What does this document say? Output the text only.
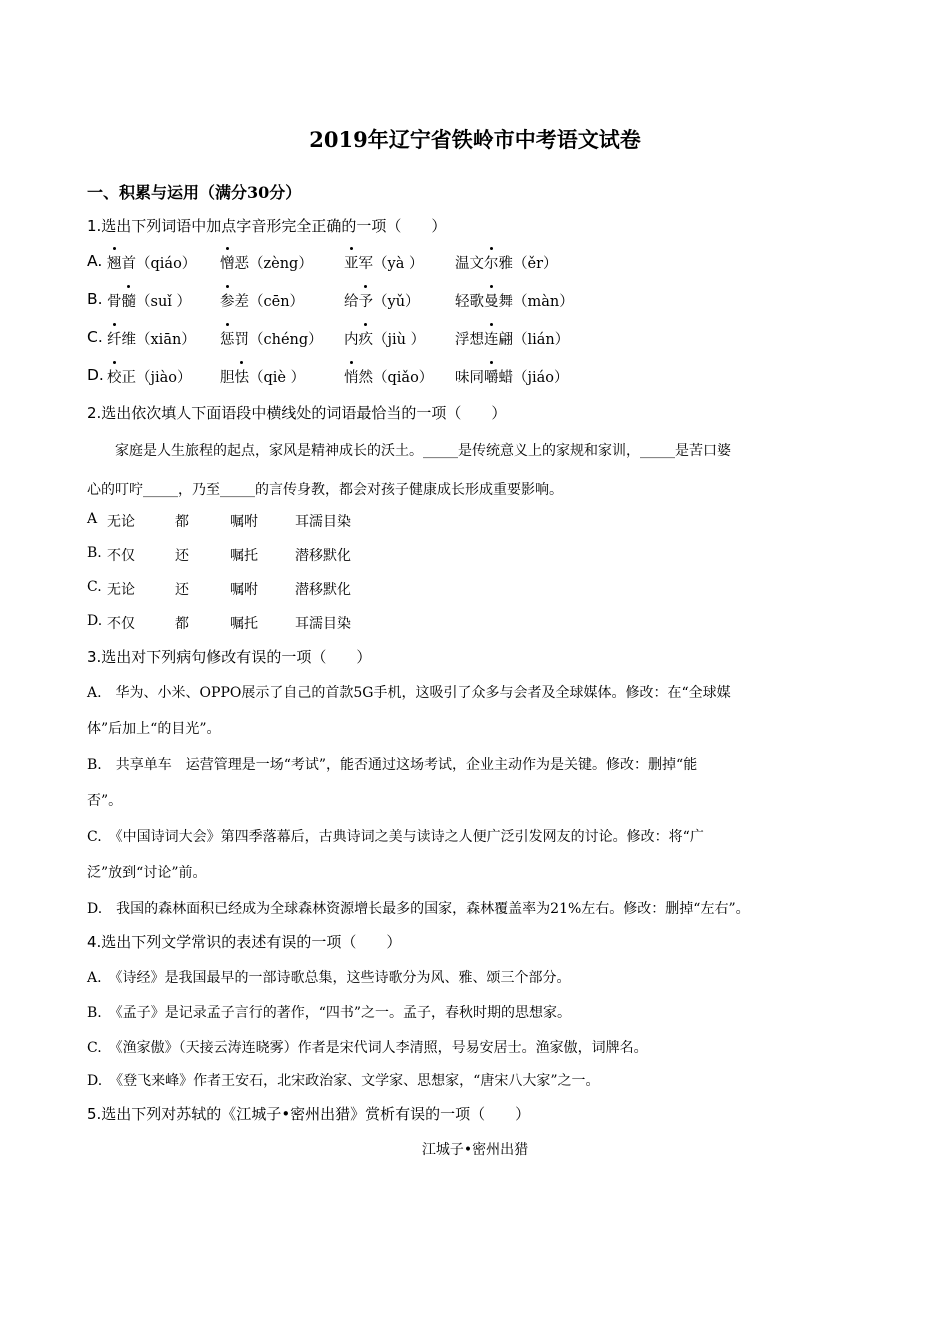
2019年辽宁省铁岭市中考语文试卷
一、积累与运用（满分30分）
1.选出下列词语中加点字音形完全正确的一项（　　）
A. 翘首（qiáo） 憎恶（zèng） 亚军（yà ） 温文尔雅（ěr）
B. 骨髓（suǐ ） 参差（cēn）	给予（yǔ） 轻歌曼舞（màn）
C. 纤维（xiān） 惩罚（chéng） 内疚（jiù ） 浮想连翩（lián）
D. 校正（jiào） 胆怯（qiè ）	悄然（qiǎo） 味同嚼蜡（jiáo）
2.选出依次填人下面语段中横线处的词语最恰当的一项（　　）
　　家庭是人生旅程的起点，家风是精神成长的沃土。_____是传统意义上的家规和家训，_____是苦口婆
心的叮咛_____，乃至_____的言传身教，都会对孩子健康成长形成重要影响。
A 无论	都	嘱咐	耳濡目染
B. 不仅	还	嘱托	潜移默化
C. 无论	还	嘱咐	潜移默化
D. 不仅	都	嘱托	耳濡目染
3.选出对下列病句修改有误的一项（　　）
A.　华为、小米、OPPO展示了自己的首款5G手机，这吸引了众多与会者及全球媒体。修改：在“全球媒
体”后加上“的目光”。
B.　共享单车　运营管理是一场“考试”，能否通过这场考试，企业主动作为是关键。修改：删掉“能
否”。
C.　《中国诗词大会》第四季落幕后，古典诗词之美与读诗之人便广泛引发网友的讨论。修改：将“广
泛”放到“讨论”前。
D.　我国的森林面积已经成为全球森林资源增长最多的国家，森林覆盖率为21%左右。修改：删掉“左右”。
4.选出下列文学常识的表述有误的一项（　　）
A.　《诗经》是我国最早的一部诗歌总集，这些诗歌分为风、雅、颂三个部分。
B.　《孟子》是记录孟子言行的著作，“四书”之一。孟子，春秋时期的思想家。
C.　《渔家傲》（天接云涛连晓雾）作者是宋代词人李清照，号易安居士。渔家傲，词牌名。
D.　《登飞来峰》作者王安石，北宋政治家、文学家、思想家，“唐宋八大家”之一。
5.选出下列对苏轼的《江城子•密州出猎》赏析有误的一项（　　）
江城子•密州出猎
